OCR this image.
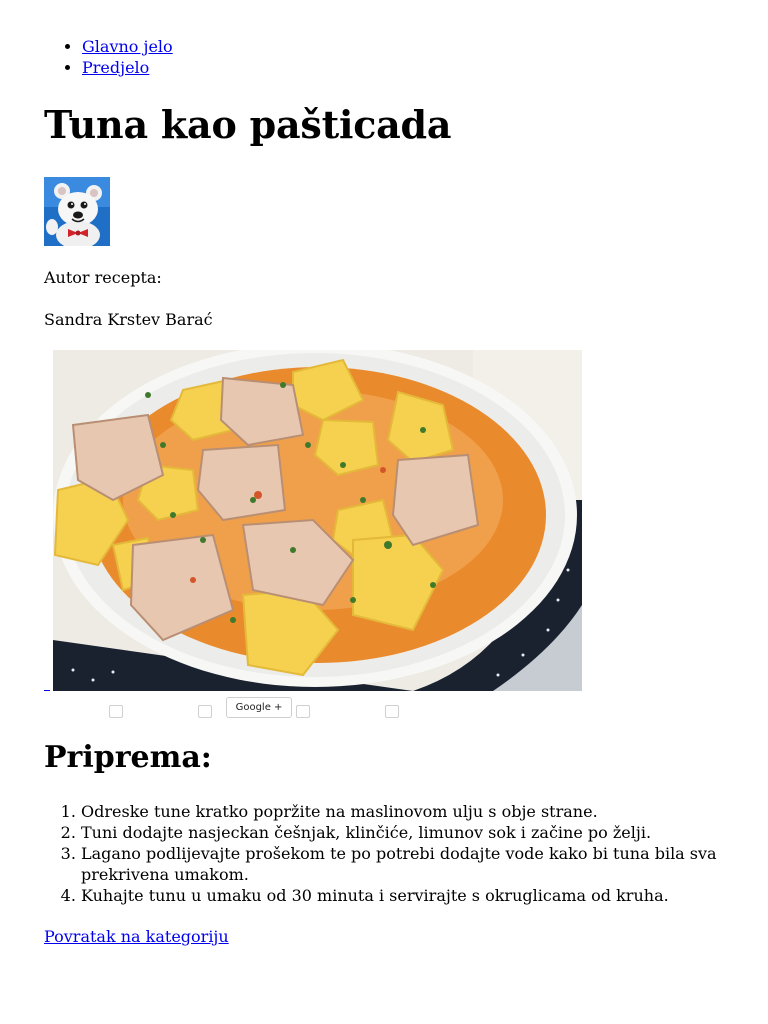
• Glavno jelo
• Predjelo
Tuna kao pašticada

Autor recepta:

Sandra Krstev Barać

Google +
Priprema:
1. Odreske tune kratko popržite na maslinovom ulju s obje strane.
2. Tuni dodajte nasjeckan češnjak, klinčiće, limunov sok i začine po želji.
3. Lagano podlijevajte prošekom te po potrebi dodajte vode kako bi tuna bila sva prekrivena umakom.
4. Kuhajte tunu u umaku od 30 minuta i servirajte s okruglicama od kruha.
Povratak na kategoriju
